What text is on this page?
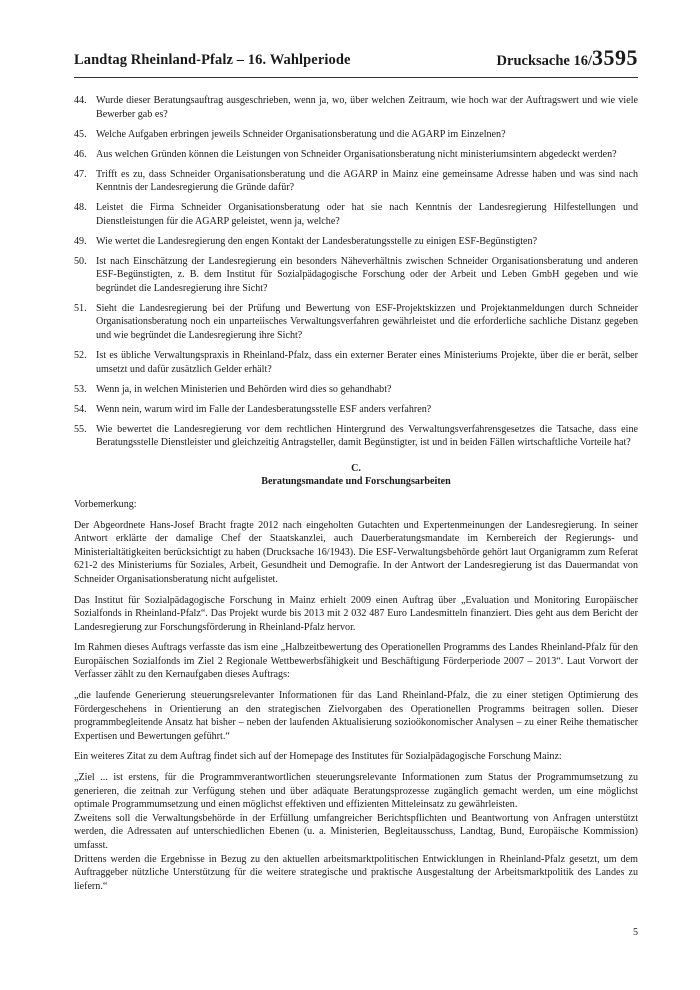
Landtag Rheinland-Pfalz – 16. Wahlperiode	Drucksache 16/3595
44. Wurde dieser Beratungsauftrag ausgeschrieben, wenn ja, wo, über welchen Zeitraum, wie hoch war der Auftragswert und wie viele Bewerber gab es?
45. Welche Aufgaben erbringen jeweils Schneider Organisationsberatung und die AGARP im Einzelnen?
46. Aus welchen Gründen können die Leistungen von Schneider Organisationsberatung nicht ministeriumsintern abgedeckt werden?
47. Trifft es zu, dass Schneider Organisationsberatung und die AGARP in Mainz eine gemeinsame Adresse haben und was sind nach Kenntnis der Landesregierung die Gründe dafür?
48. Leistet die Firma Schneider Organisationsberatung oder hat sie nach Kenntnis der Landesregierung Hilfestellungen und Dienstleistungen für die AGARP geleistet, wenn ja, welche?
49. Wie wertet die Landesregierung den engen Kontakt der Landesberatungsstelle zu einigen ESF-Begünstigten?
50. Ist nach Einschätzung der Landesregierung ein besonders Näheverhältnis zwischen Schneider Organisationsberatung und anderen ESF-Begünstigten, z. B. dem Institut für Sozialpädagogische Forschung oder der Arbeit und Leben GmbH gegeben und wie begründet die Landesregierung ihre Sicht?
51. Sieht die Landesregierung bei der Prüfung und Bewertung von ESF-Projektskizzen und Projektanmeldungen durch Schneider Organisationsberatung noch ein unparteiisches Verwaltungsverfahren gewährleistet und die erforderliche sachliche Distanz gegeben und wie begründet die Landesregierung ihre Sicht?
52. Ist es übliche Verwaltungspraxis in Rheinland-Pfalz, dass ein externer Berater eines Ministeriums Projekte, über die er berät, selber umsetzt und dafür zusätzlich Gelder erhält?
53. Wenn ja, in welchen Ministerien und Behörden wird dies so gehandhabt?
54. Wenn nein, warum wird im Falle der Landesberatungsstelle ESF anders verfahren?
55. Wie bewertet die Landesregierung vor dem rechtlichen Hintergrund des Verwaltungsverfahrensgesetzes die Tatsache, dass eine Beratungsstelle Dienstleister und gleichzeitig Antragsteller, damit Begünstigter, ist und in beiden Fällen wirtschaftliche Vorteile hat?
C.
Beratungsmandate und Forschungsarbeiten
Vorbemerkung:

Der Abgeordnete Hans-Josef Bracht fragte 2012 nach eingeholten Gutachten und Expertenmeinungen der Landesregierung. In seiner Antwort erklärte der damalige Chef der Staatskanzlei, auch Dauerberatungsmandate im Kernbereich der Regierungs- und Ministerialtätigkeiten berücksichtigt zu haben (Drucksache 16/1943). Die ESF-Verwaltungsbehörde gehört laut Organigramm zum Referat 621-2 des Ministeriums für Soziales, Arbeit, Gesundheit und Demografie. In der Antwort der Landesregierung ist das Dauermandat von Schneider Organisationsberatung nicht aufgelistet.

Das Institut für Sozialpädagogische Forschung in Mainz erhielt 2009 einen Auftrag über „Evaluation und Monitoring Europäischer Sozialfonds in Rheinland-Pfalz“. Das Projekt wurde bis 2013 mit 2 032 487 Euro Landesmitteln finanziert. Dies geht aus dem Bericht der Landesregierung zur Forschungsförderung in Rheinland-Pfalz hervor.

Im Rahmen dieses Auftrags verfasste das ism eine „Halbzeitbewertung des Operationellen Programms des Landes Rheinland-Pfalz für den Europäischen Sozialfonds im Ziel 2 Regionale Wettbewerbsfähigkeit und Beschäftigung Förderperiode 2007 – 2013“. Laut Vorwort der Verfasser zählt zu den Kernaufgaben dieses Auftrags:

„die laufende Generierung steuerungsrelevanter Informationen für das Land Rheinland-Pfalz, die zu einer stetigen Optimierung des Fördergeschehens in Orientierung an den strategischen Zielvorgaben des Operationellen Programms beitragen sollen. Dieser programmbegleitende Ansatz hat bisher – neben der laufenden Aktualisierung sozioökonomischer Analysen – zu einer Reihe thematischer Expertisen und Bewertungen geführt.“

Ein weiteres Zitat zu dem Auftrag findet sich auf der Homepage des Institutes für Sozialpädagogische Forschung Mainz:

„Ziel ... ist erstens, für die Programmverantwortlichen steuerungsrelevante Informationen zum Status der Programmumsetzung zu generieren, die zeitnah zur Verfügung stehen und über adäquate Beratungsprozesse zugänglich gemacht werden, um eine möglichst optimale Programmumsetzung und einen möglichst effektiven und effizienten Mitteleinsatz zu gewährleisten.

Zweitens soll die Verwaltungsbehörde in der Erfüllung umfangreicher Berichtspflichten und Beantwortung von Anfragen unterstützt werden, die Adressaten auf unterschiedlichen Ebenen (u. a. Ministerien, Begleitausschuss, Landtag, Bund, Europäische Kommission) umfasst.

Drittens werden die Ergebnisse in Bezug zu den aktuellen arbeitsmarktpolitischen Entwicklungen in Rheinland-Pfalz gesetzt, um dem Auftraggeber nützliche Unterstützung für die weitere strategische und praktische Ausgestaltung der Arbeitsmarktpolitik des Landes zu liefern.“

5
